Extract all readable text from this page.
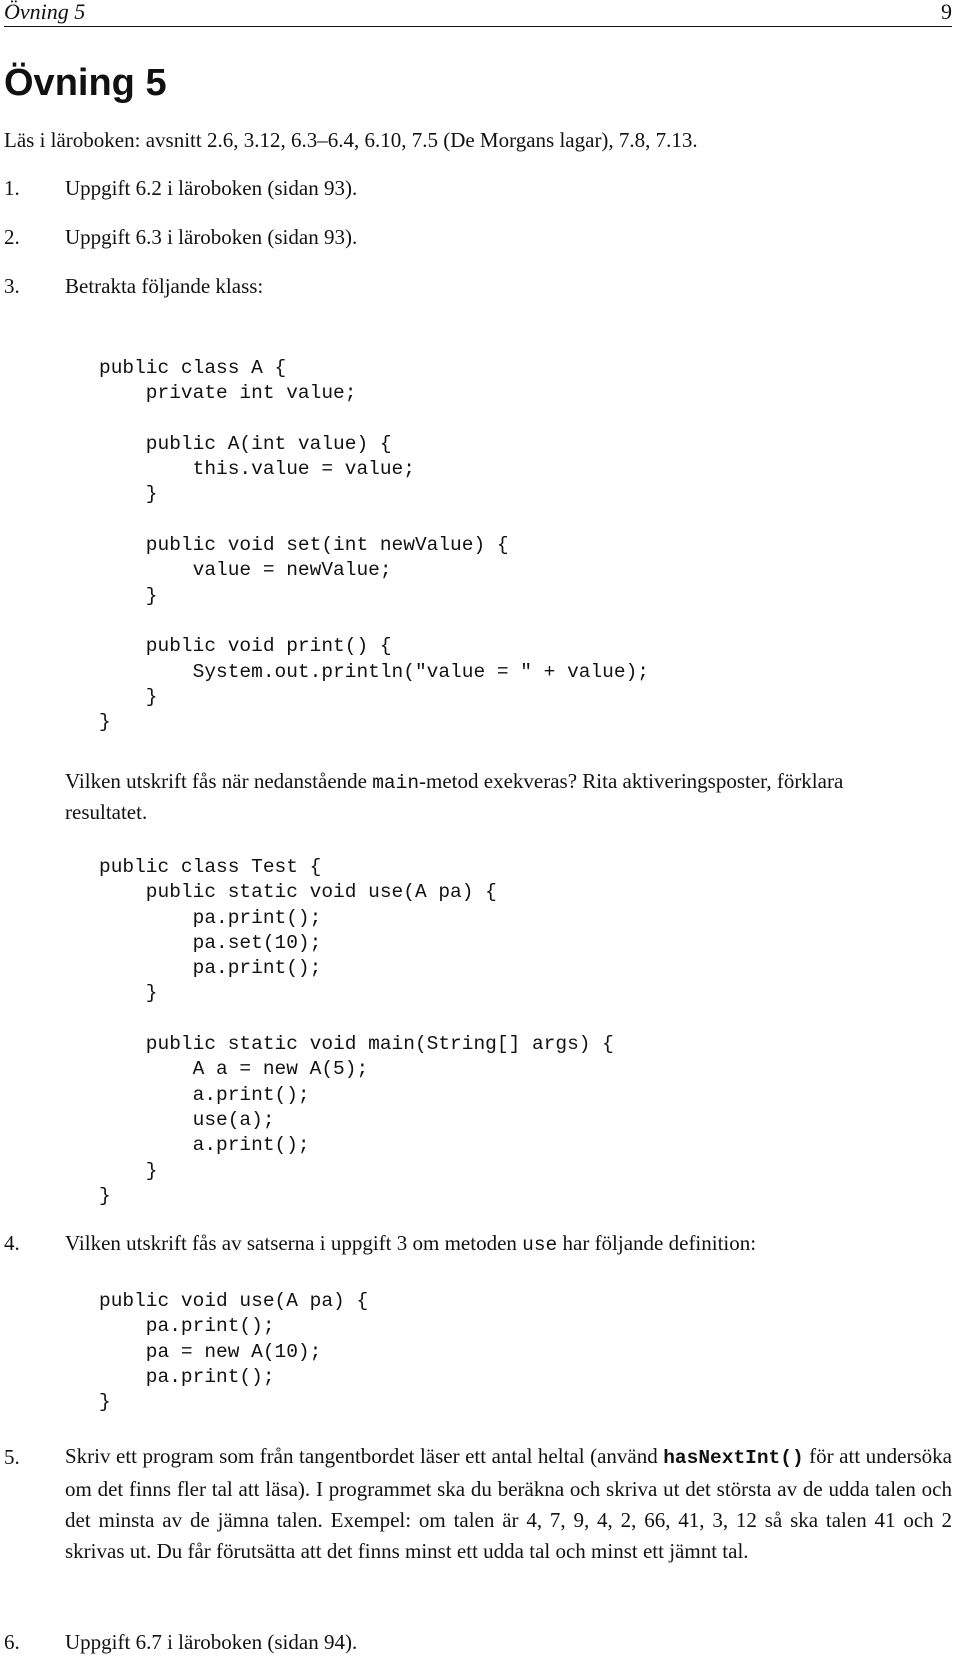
Övning 5	9
Övning 5
Läs i läroboken: avsnitt 2.6, 3.12, 6.3–6.4, 6.10, 7.5 (De Morgans lagar), 7.8, 7.13.
1. Uppgift 6.2 i läroboken (sidan 93).
2. Uppgift 6.3 i läroboken (sidan 93).
3. Betrakta följande klass:
public class A {
private int value;

public A(int value) {
this.value = value;
}

public void set(int newValue) {
value = newValue;
}

public void print() {
System.out.println("value = " + value);
}
}
Vilken utskrift fås när nedanstående main-metod exekveras? Rita aktiveringsposter, förklara
resultatet.
public class Test {
public static void use(A pa) {
pa.print();
pa.set(10);
pa.print();
}

public static void main(String[] args) {
A a = new A(5);
a.print();
use(a);
a.print();
}
}
4. Vilken utskrift fås av satserna i uppgift 3 om metoden use har följande definition:
public void use(A pa) {
pa.print();
pa = new A(10);
pa.print();
}
5. Skriv ett program som från tangentbordet läser ett antal heltal (använd hasNextInt() för att undersöka om det finns fler tal att läsa). I programmet ska du beräkna och skriva ut det största av de udda talen och det minsta av de jämna talen. Exempel: om talen är 4, 7, 9, 4, 2, 66, 41, 3, 12 så ska talen 41 och 2 skrivas ut. Du får förutsätta att det finns minst ett udda tal och minst ett jämnt tal.

6. Uppgift 6.7 i läroboken (sidan 94).
